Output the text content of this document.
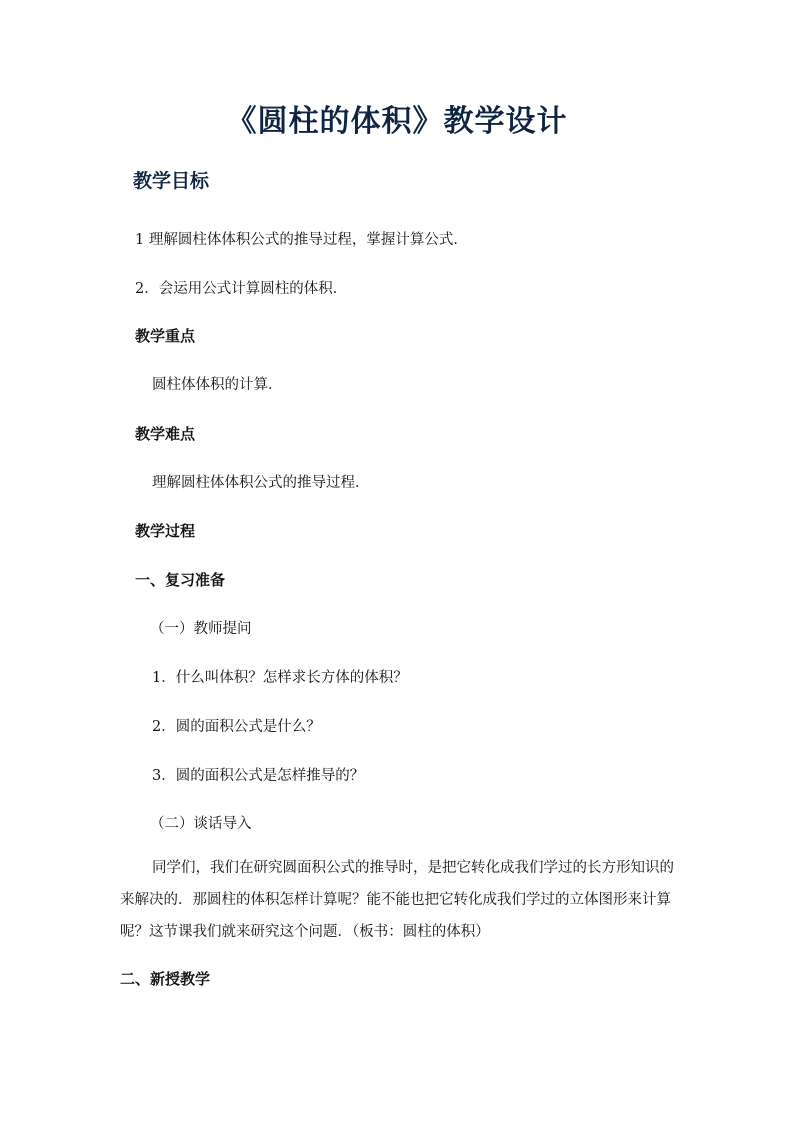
《圆柱的体积》教学设计
教学目标
1 理解圆柱体体积公式的推导过程，掌握计算公式．
2．会运用公式计算圆柱的体积．
教学重点
圆柱体体积的计算．
教学难点
理解圆柱体体积公式的推导过程．
教学过程
一、复习准备
（一）教师提问
1．什么叫体积？怎样求长方体的体积？
2．圆的面积公式是什么？
3．圆的面积公式是怎样推导的？
（二）谈话导入
同学们，我们在研究圆面积公式的推导时，是把它转化成我们学过的长方形知识的来解决的．那圆柱的体积怎样计算呢？能不能也把它转化成我们学过的立体图形来计算呢？这节课我们就来研究这个问题．（板书：圆柱的体积）
二、新授教学
